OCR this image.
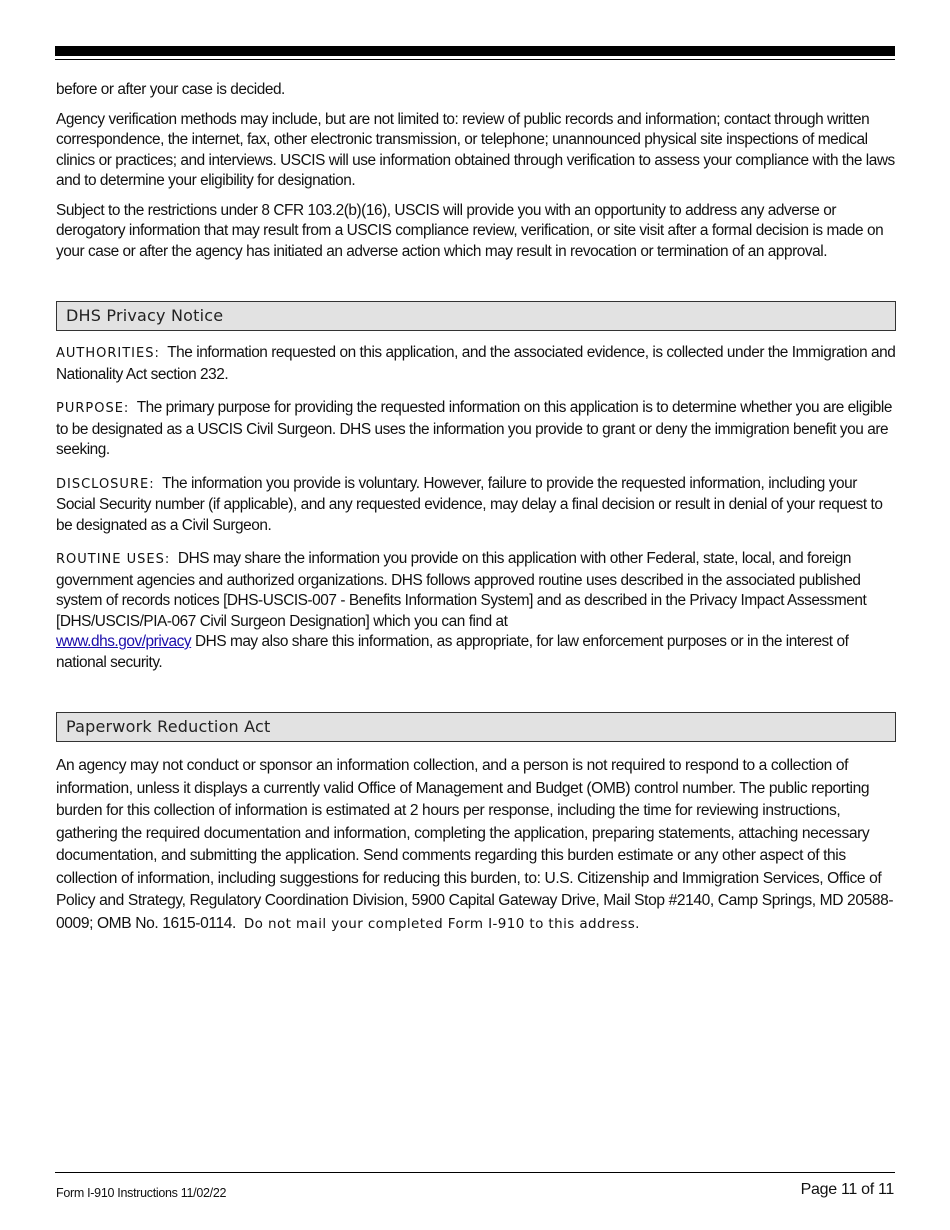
before or after your case is decided.

Agency verification methods may include, but are not limited to: review of public records and information; contact through written correspondence, the internet, fax, other electronic transmission, or telephone; unannounced physical site inspections of medical clinics or practices; and interviews. USCIS will use information obtained through verification to assess your compliance with the laws and to determine your eligibility for designation.

Subject to the restrictions under 8 CFR 103.2(b)(16), USCIS will provide you with an opportunity to address any adverse or derogatory information that may result from a USCIS compliance review, verification, or site visit after a formal decision is made on your case or after the agency has initiated an adverse action which may result in revocation or termination of an approval.

DHS Privacy Notice

AUTHORITIES: The information requested on this application, and the associated evidence, is collected under the Immigration and Nationality Act section 232.

PURPOSE: The primary purpose for providing the requested information on this application is to determine whether you are eligible to be designated as a USCIS Civil Surgeon. DHS uses the information you provide to grant or deny the immigration benefit you are seeking.

DISCLOSURE: The information you provide is voluntary. However, failure to provide the requested information, including your Social Security number (if applicable), and any requested evidence, may delay a final decision or result in denial of your request to be designated as a Civil Surgeon.

ROUTINE USES: DHS may share the information you provide on this application with other Federal, state, local, and foreign government agencies and authorized organizations. DHS follows approved routine uses described in the associated published system of records notices [DHS-USCIS-007 - Benefits Information System] and as described in the Privacy Impact Assessment [DHS/USCIS/PIA-067 Civil Surgeon Designation] which you can find at
www.dhs.gov/privacy DHS may also share this information, as appropriate, for law enforcement purposes or in the interest of national security.

Paperwork Reduction Act

An agency may not conduct or sponsor an information collection, and a person is not required to respond to a collection of information, unless it displays a currently valid Office of Management and Budget (OMB) control number. The public reporting burden for this collection of information is estimated at 2 hours per response, including the time for reviewing instructions, gathering the required documentation and information, completing the application, preparing statements, attaching necessary documentation, and submitting the application. Send comments regarding this burden estimate or any other aspect of this collection of information, including suggestions for reducing this burden, to: U.S. Citizenship and Immigration Services, Office of Policy and Strategy, Regulatory Coordination Division, 5900 Capital Gateway Drive, Mail Stop #2140, Camp Springs, MD 20588-0009; OMB No. 1615-0114. Do not mail your completed Form I-910 to this address.

Form I-910 Instructions 11/02/22	Page 11 of 11
